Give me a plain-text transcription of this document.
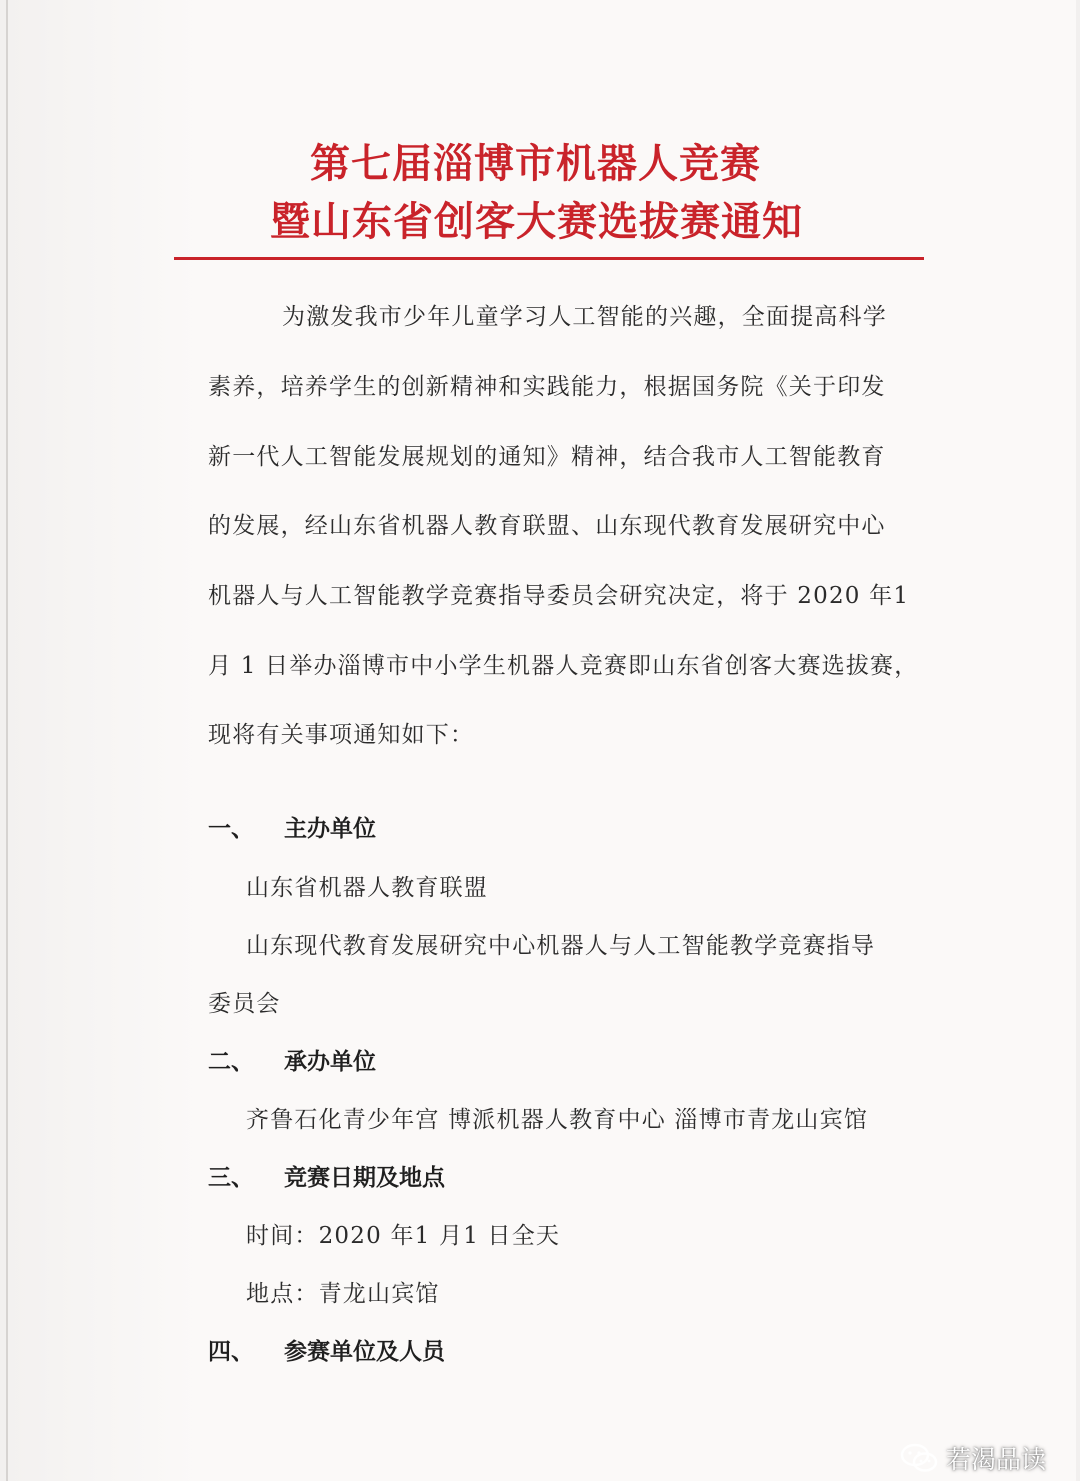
第七届淄博市机器人竞赛
暨山东省创客大赛选拔赛通知
为激发我市少年儿童学习人工智能的兴趣，全面提高科学
素养，培养学生的创新精神和实践能力，根据国务院《关于印发
新一代人工智能发展规划的通知》精神，结合我市人工智能教育
的发展，经山东省机器人教育联盟、山东现代教育发展研究中心
机器人与人工智能教学竞赛指导委员会研究决定，将于 2020 年1
月 1 日举办淄博市中小学生机器人竞赛即山东省创客大赛选拔赛，
现将有关事项通知如下：
一、 主办单位
山东省机器人教育联盟
山东现代教育发展研究中心机器人与人工智能教学竞赛指导
委员会
二、 承办单位
齐鲁石化青少年宫 博派机器人教育中心 淄博市青龙山宾馆
三、 竞赛日期及地点
时间：2020 年1 月1 日全天
地点：青龙山宾馆
四、 参赛单位及人员
若渴品读
